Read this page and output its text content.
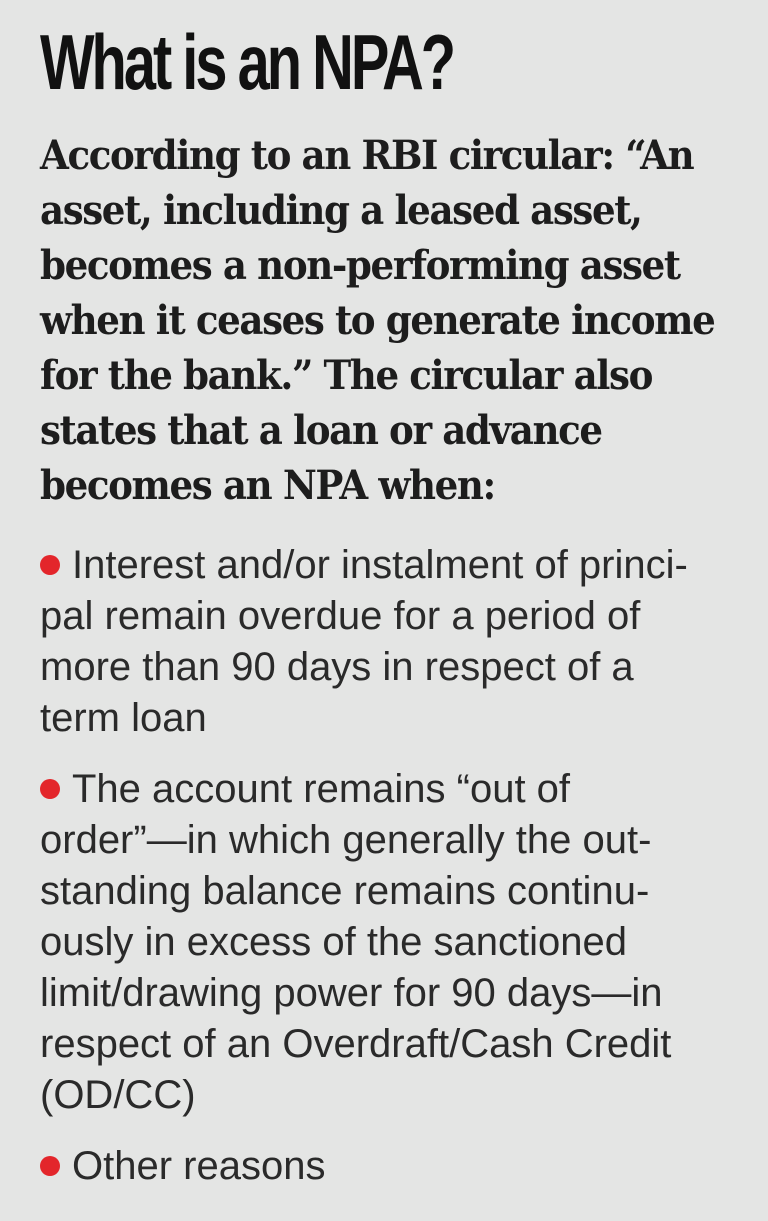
What is an NPA?

According to an RBI circular: “An
asset, including a leased asset,
becomes a non-performing asset
when it ceases to generate income
for the bank.” The circular also
states that a loan or advance
becomes an NPA when:

Interest and/or instalment of princi-
pal remain overdue for a period of
more than 90 days in respect of a
term loan
The account remains “out of
order”—in which generally the out-
standing balance remains continu-
ously in excess of the sanctioned
limit/drawing power for 90 days—in
respect of an Overdraft/Cash Credit
(OD/CC)
Other reasons
